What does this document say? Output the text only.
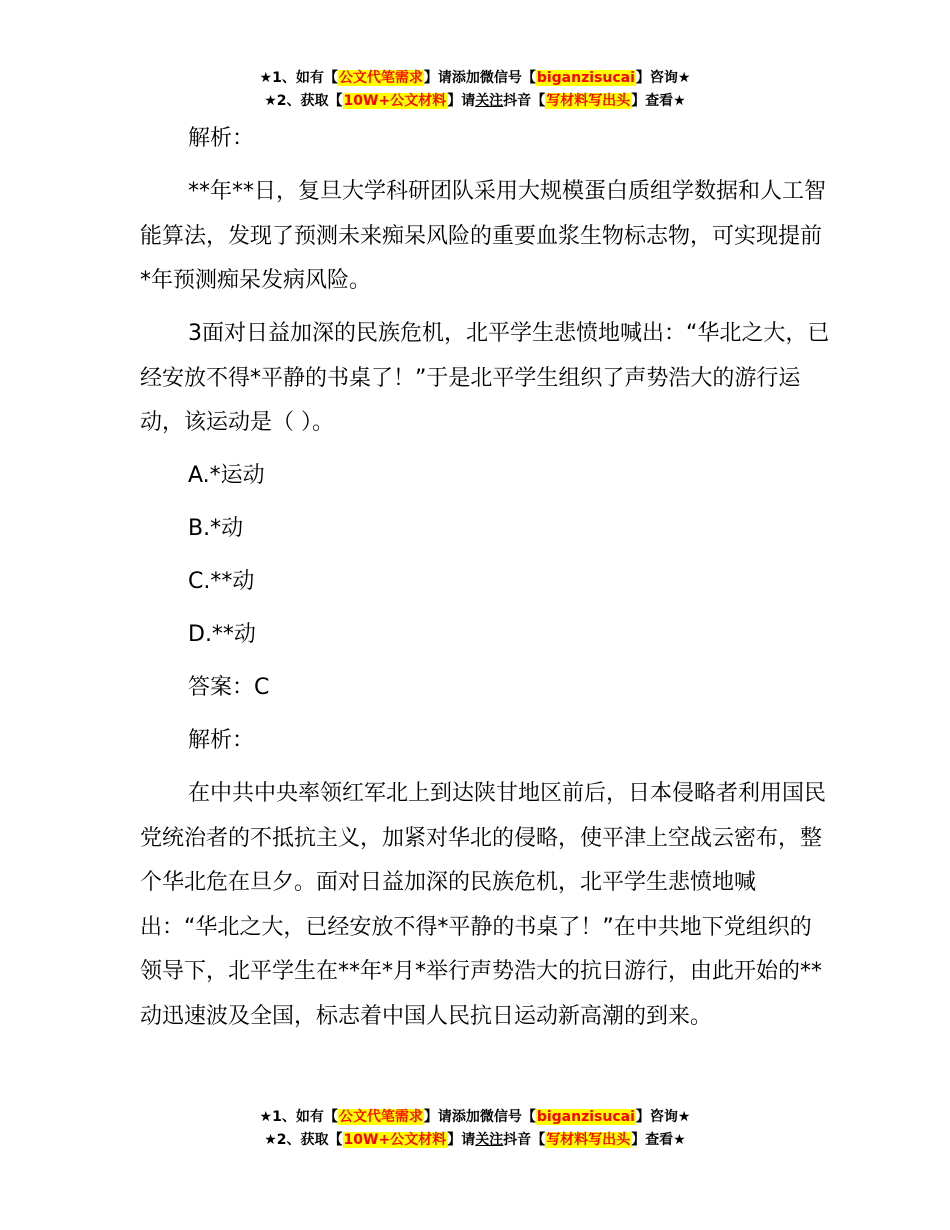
★1、如有【公文代笔需求】请添加微信号【biganzisucai】咨询★
★2、获取【10W+公文材料】请关注抖音【写材料写出头】查看★

解析：

**年**日，复旦大学科研团队采用大规模蛋白质组学数据和人工智能算法，发现了预测未来痴呆风险的重要血浆生物标志物，可实现提前*年预测痴呆发病风险。

3面对日益加深的民族危机，北平学生悲愤地喊出：“华北之大，已经安放不得*平静的书桌了！”于是北平学生组织了声势浩大的游行运动，该运动是（ ）。

A.*运动

B.*动

C.**动

D.**动

答案：C

解析：

在中共中央率领红军北上到达陕甘地区前后，日本侵略者利用国民党统治者的不抵抗主义，加紧对华北的侵略，使平津上空战云密布，整个华北危在旦夕。面对日益加深的民族危机，北平学生悲愤地喊出：“华北之大，已经安放不得*平静的书桌了！”在中共地下党组织的领导下，北平学生在**年*月*举行声势浩大的抗日游行，由此开始的**动迅速波及全国，标志着中国人民抗日运动新高潮的到来。

★1、如有【公文代笔需求】请添加微信号【biganzisucai】咨询★
★2、获取【10W+公文材料】请关注抖音【写材料写出头】查看★
